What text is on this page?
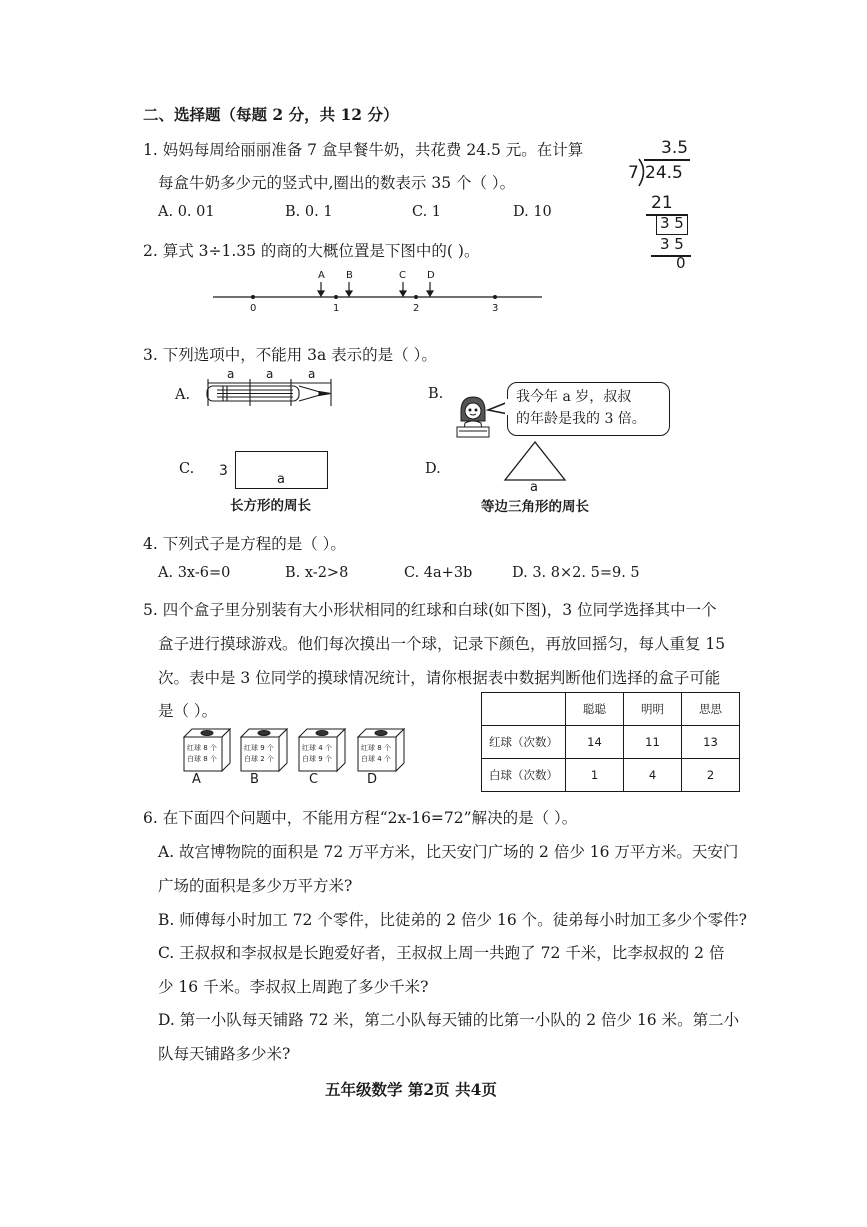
二、选择题（每题 2 分，共 12 分）
1. 妈妈每周给丽丽准备 7 盒早餐牛奶，共花费 24.5 元。在计算
每盒牛奶多少元的竖式中,圈出的数表示 35 个（ ）。
A. 0. 01	B. 0. 1	C. 1	D. 10
3.5
7 24.5
21
3 5
3 5
0
2. 算式 3÷1.35 的商的大概位置是下图中的( )。
A B	C D
0	1	2	3
3. 下列选项中，不能用 3a 表示的是（ ）。
A.
a	a	a
B.	我今年 a 岁，叔叔
的年龄是我的 3 倍。
C. 3
a
长方形的周长
D.
a
等边三角形的周长
4. 下列式子是方程的是（ ）。
A. 3x-6=0	B. x-2>8	C. 4a+3b	D. 3. 8×2. 5=9. 5
5. 四个盒子里分别装有大小形状相同的红球和白球(如下图)，3 位同学选择其中一个
盒子进行摸球游戏。他们每次摸出一个球，记录下颜色，再放回摇匀，每人重复 15
次。表中是 3 位同学的摸球情况统计，请你根据表中数据判断他们选择的盒子可能
是（ ）。
红球 8 个
白球 8 个
红球 9 个
白球 2 个
红球 4 个
白球 9 个
红球 8 个
白球 4 个
A	B	C	D
	聪聪	明明	思思
红球（次数）	14	11	13
白球（次数）	1	4	2
6. 在下面四个问题中，不能用方程“2x-16=72”解决的是（ ）。
A. 故宫博物院的面积是 72 万平方米，比天安门广场的 2 倍少 16 万平方米。天安门
广场的面积是多少万平方米?
B. 师傅每小时加工 72 个零件，比徒弟的 2 倍少 16 个。徒弟每小时加工多少个零件?
C. 王叔叔和李叔叔是长跑爱好者，王叔叔上周一共跑了 72 千米，比李叔叔的 2 倍
少 16 千米。李叔叔上周跑了多少千米?
D. 第一小队每天铺路 72 米，第二小队每天铺的比第一小队的 2 倍少 16 米。第二小
队每天铺路多少米?
五年级数学 第2页 共4页
